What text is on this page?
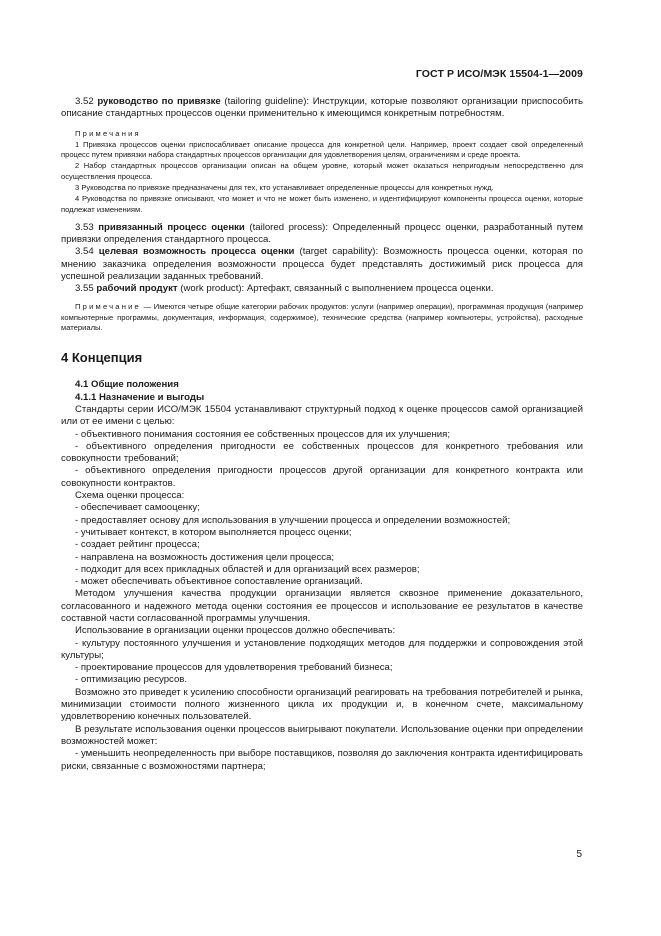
ГОСТ Р ИСО/МЭК 15504-1—2009

3.52 руководство по привязке (tailoring guideline): Инструкции, которые позволяют организации приспособить описание стандартных процессов оценки применительно к имеющимся конкретным потребностям.

Примечания

1 Привязка процессов оценки приспосабливает описание процесса для конкретной цели. Например, проект создает свой определенный процесс путем привязки набора стандартных процессов организации для удовлетворения целям, ограничениям и среде проекта.

2 Набор стандартных процессов организации описан на общем уровне, который может оказаться непригодным непосредственно для осуществления процесса.

3 Руководства по привязке предназначены для тех, кто устанавливает определенные процессы для конкретных нужд.

4 Руководства по привязке описывают, что может и что не может быть изменено, и идентифицируют компоненты процесса оценки, которые подлежат изменениям.

3.53 привязанный процесс оценки (tailored process): Определенный процесс оценки, разработанный путем привязки определения стандартного процесса.

3.54 целевая возможность процесса оценки (target capability): Возможность процесса оценки, которая по мнению заказчика определения возможности процесса будет представлять достижимый риск процесса для успешной реализации заданных требований.

3.55 рабочий продукт (work product): Артефакт, связанный с выполнением процесса оценки.

Примечание — Имеются четыре общие категории рабочих продуктов: услуги (например операции), программная продукция (например компьютерные программы, документация, информация, содержимое), технические средства (например компьютеры, устройства), расходные материалы.

4 Концепция

4.1 Общие положения

4.1.1 Назначение и выгоды

Стандарты серии ИСО/МЭК 15504 устанавливают структурный подход к оценке процессов самой организацией или от ее имени с целью:

- объективного понимания состояния ее собственных процессов для их улучшения;

- объективного определения пригодности ее собственных процессов для конкретного требования или совокупности требований;

- объективного определения пригодности процессов другой организации для конкретного контракта или совокупности контрактов.

Схема оценки процесса:

- обеспечивает самооценку;

- предоставляет основу для использования в улучшении процесса и определении возможностей;

- учитывает контекст, в котором выполняется процесс оценки;

- создает рейтинг процесса;

- направлена на возможность достижения цели процесса;

- подходит для всех прикладных областей и для организаций всех размеров;

- может обеспечивать объективное сопоставление организаций.

Методом улучшения качества продукции организации является сквозное применение доказательного, согласованного и надежного метода оценки состояния ее процессов и использование ее результатов в качестве составной части согласованной программы улучшения.

Использование в организации оценки процессов должно обеспечивать:

- культуру постоянного улучшения и установление подходящих методов для поддержки и сопровождения этой культуры;

- проектирование процессов для удовлетворения требований бизнеса;

- оптимизацию ресурсов.

Возможно это приведет к усилению способности организаций реагировать на требования потребителей и рынка, минимизации стоимости полного жизненного цикла их продукции и, в конечном счете, максимальному удовлетворению конечных пользователей.

В результате использования оценки процессов выигрывают покупатели. Использование оценки при определении возможностей может:

- уменьшить неопределенность при выборе поставщиков, позволяя до заключения контракта идентифицировать риски, связанные с возможностями партнера;

5
